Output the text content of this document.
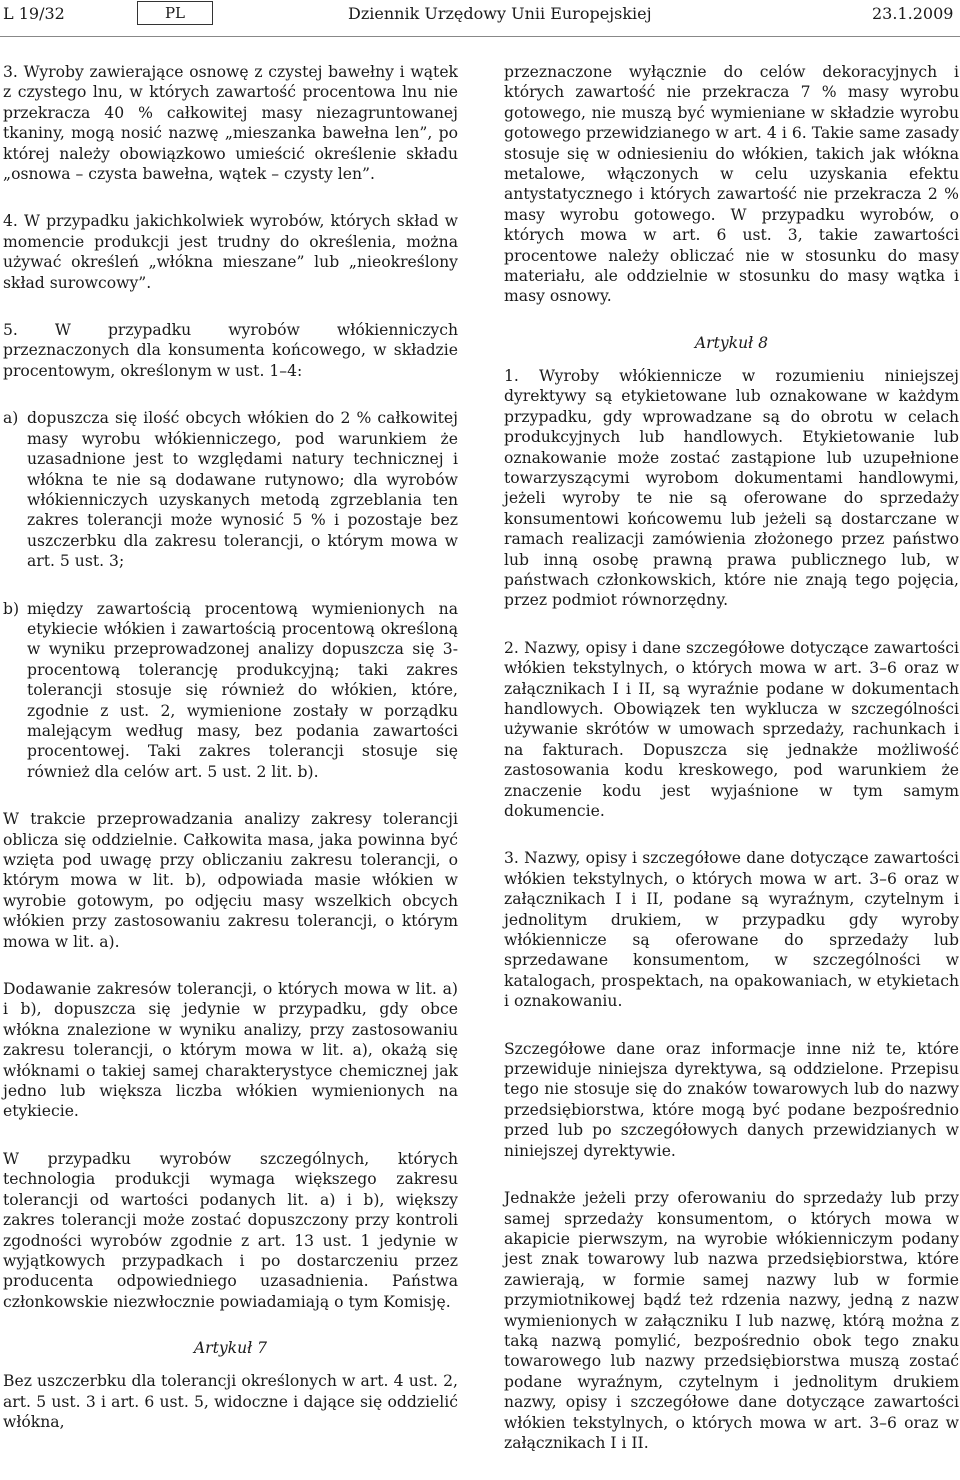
L 19/32	PL	Dziennik Urzędowy Unii Europejskiej	23.1.2009

3. Wyroby zawierające osnowę z czystej bawełny i wątek z czystego lnu, w których zawartość procentowa lnu nie przekracza 40 % całkowitej masy niezagruntowanej tkaniny, mogą nosić nazwę „mieszanka bawełna len”, po której należy obowiązkowo umieścić określenie składu „osnowa – czysta bawełna, wątek – czysty len”.

4. W przypadku jakichkolwiek wyrobów, których skład w momencie produkcji jest trudny do określenia, można używać określeń „włókna mieszane” lub „nieokreślony skład surowcowy”.

5. W przypadku wyrobów włókienniczych przeznaczonych dla konsumenta końcowego, w składzie procentowym, określonym w ust. 1–4:

a) dopuszcza się ilość obcych włókien do 2 % całkowitej masy wyrobu włókienniczego, pod warunkiem że uzasadnione jest to względami natury technicznej i włókna te nie są dodawane rutynowo; dla wyrobów włókienniczych uzyskanych metodą zgrzeblania ten zakres tolerancji może wynosić 5 % i pozostaje bez uszczerbku dla zakresu tolerancji, o którym mowa w art. 5 ust. 3;
b) między zawartością procentową wymienionych na etykiecie włókien i zawartością procentową określoną w wyniku przeprowadzonej analizy dopuszcza się 3-procentową tolerancję produkcyjną; taki zakres tolerancji stosuje się również do włókien, które, zgodnie z ust. 2, wymienione zostały w porządku malejącym według masy, bez podania zawartości procentowej. Taki zakres tolerancji stosuje się również dla celów art. 5 ust. 2 lit. b).

W trakcie przeprowadzania analizy zakresy tolerancji oblicza się oddzielnie. Całkowita masa, jaka powinna być wzięta pod uwagę przy obliczaniu zakresu tolerancji, o którym mowa w lit. b), odpowiada masie włókien w wyrobie gotowym, po odjęciu masy wszelkich obcych włókien przy zastosowaniu zakresu tolerancji, o którym mowa w lit. a).

Dodawanie zakresów tolerancji, o których mowa w lit. a) i b), dopuszcza się jedynie w przypadku, gdy obce włókna znalezione w wyniku analizy, przy zastosowaniu zakresu tolerancji, o którym mowa w lit. a), okażą się włóknami o takiej samej charakterystyce chemicznej jak jedno lub większa liczba włókien wymienionych na etykiecie.

W przypadku wyrobów szczególnych, których technologia produkcji wymaga większego zakresu tolerancji od wartości podanych lit. a) i b), większy zakres tolerancji może zostać dopuszczony przy kontroli zgodności wyrobów zgodnie z art. 13 ust. 1 jedynie w wyjątkowych przypadkach i po dostarczeniu przez producenta odpowiedniego uzasadnienia. Państwa członkowskie niezwłocznie powiadamiają o tym Komisję.

Artykuł 7

Bez uszczerbku dla tolerancji określonych w art. 4 ust. 2, art. 5 ust. 3 i art. 6 ust. 5, widoczne i dające się oddzielić włókna,

przeznaczone wyłącznie do celów dekoracyjnych i których zawartość nie przekracza 7 % masy wyrobu gotowego, nie muszą być wymieniane w składzie wyrobu gotowego przewidzianego w art. 4 i 6. Takie same zasady stosuje się w odniesieniu do włókien, takich jak włókna metalowe, włączonych w celu uzyskania efektu antystatycznego i których zawartość nie przekracza 2 % masy wyrobu gotowego. W przypadku wyrobów, o których mowa w art. 6 ust. 3, takie zawartości procentowe należy obliczać nie w stosunku do masy materiału, ale oddzielnie w stosunku do masy wątka i masy osnowy.

Artykuł 8

1. Wyroby włókiennicze w rozumieniu niniejszej dyrektywy są etykietowane lub oznakowane w każdym przypadku, gdy wprowadzane są do obrotu w celach produkcyjnych lub handlowych. Etykietowanie lub oznakowanie może zostać zastąpione lub uzupełnione towarzyszącymi wyrobom dokumentami handlowymi, jeżeli wyroby te nie są oferowane do sprzedaży konsumentowi końcowemu lub jeżeli są dostarczane w ramach realizacji zamówienia złożonego przez państwo lub inną osobę prawną prawa publicznego lub, w państwach członkowskich, które nie znają tego pojęcia, przez podmiot równorzędny.

2. Nazwy, opisy i dane szczegółowe dotyczące zawartości włókien tekstylnych, o których mowa w art. 3–6 oraz w załącznikach I i II, są wyraźnie podane w dokumentach handlowych. Obowiązek ten wyklucza w szczególności używanie skrótów w umowach sprzedaży, rachunkach i na fakturach. Dopuszcza się jednakże możliwość zastosowania kodu kreskowego, pod warunkiem że znaczenie kodu jest wyjaśnione w tym samym dokumencie.

3. Nazwy, opisy i szczegółowe dane dotyczące zawartości włókien tekstylnych, o których mowa w art. 3–6 oraz w załącznikach I i II, podane są wyraźnym, czytelnym i jednolitym drukiem, w przypadku gdy wyroby włókiennicze są oferowane do sprzedaży lub sprzedawane konsumentom, w szczególności w katalogach, prospektach, na opakowaniach, w etykietach i oznakowaniu.

Szczegółowe dane oraz informacje inne niż te, które przewiduje niniejsza dyrektywa, są oddzielone. Przepisu tego nie stosuje się do znaków towarowych lub do nazwy przedsiębiorstwa, które mogą być podane bezpośrednio przed lub po szczegółowych danych przewidzianych w niniejszej dyrektywie.

Jednakże jeżeli przy oferowaniu do sprzedaży lub przy samej sprzedaży konsumentom, o których mowa w akapicie pierwszym, na wyrobie włókienniczym podany jest znak towarowy lub nazwa przedsiębiorstwa, które zawierają, w formie samej nazwy lub w formie przymiotnikowej bądź też rdzenia nazwy, jedną z nazw wymienionych w załączniku I lub nazwę, którą można z taką nazwą pomylić, bezpośrednio obok tego znaku towarowego lub nazwy przedsiębiorstwa muszą zostać podane wyraźnym, czytelnym i jednolitym drukiem nazwy, opisy i szczegółowe dane dotyczące zawartości włókien tekstylnych, o których mowa w art. 3–6 oraz w załącznikach I i II.
